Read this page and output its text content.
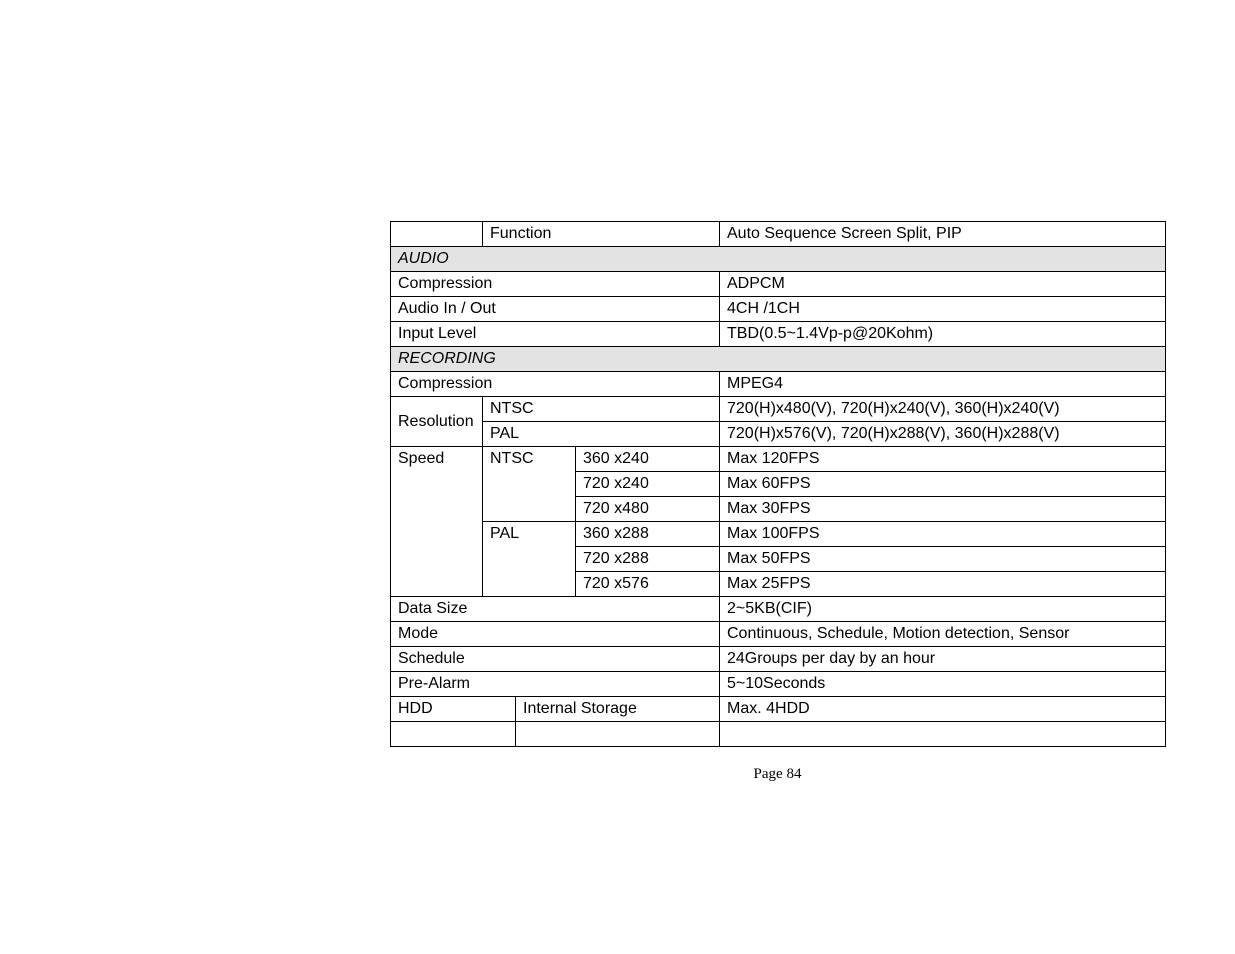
	Function			Auto Sequence Screen Split, PIP
AUDIO				
Compression				ADPCM
Audio In / Out				4CH /1CH
Input Level				TBD(0.5~1.4Vp-p@20Kohm)
RECORDING				
Compression				MPEG4
Resolution	NTSC			720(H)x480(V), 720(H)x240(V), 360(H)x240(V)
	PAL			720(H)x576(V), 720(H)x288(V), 360(H)x288(V)
Speed	NTSC		360 x240	Max 120FPS
			720 x240	Max 60FPS
			720 x480	Max 30FPS
	PAL		360 x288	Max 100FPS
			720 x288	Max 50FPS
			720 x576	Max 25FPS
Data Size				2~5KB(CIF)
Mode				Continuous, Schedule, Motion detection, Sensor
Schedule				24Groups per day by an hour
Pre-Alarm				5~10Seconds
HDD		Internal Storage		Max. 4HDD

Page 84
